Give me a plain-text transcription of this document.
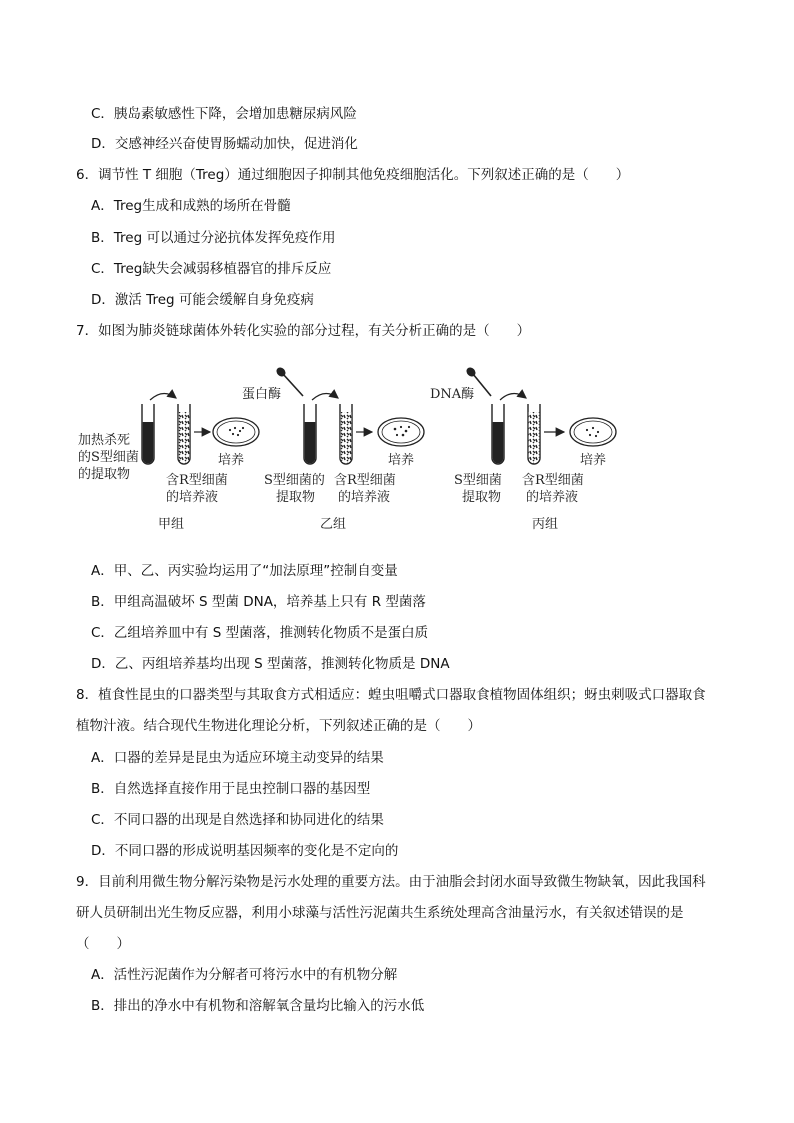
C．胰岛素敏感性下降，会增加患糖尿病风险
D．交感神经兴奋使胃肠蠕动加快，促进消化
6．调节性 T 细胞（Treg）通过细胞因子抑制其他免疫细胞活化。下列叙述正确的是（　　）
A．Treg生成和成熟的场所在骨髓
B．Treg 可以通过分泌抗体发挥免疫作用
C．Treg缺失会减弱移植器官的排斥反应
D．激活 Treg 可能会缓解自身免疫病
7．如图为肺炎链球菌体外转化实验的部分过程，有关分析正确的是（　　）
加热杀死
的S型细菌
的提取物
培养
含R型细菌
的培养液
甲组
蛋白酶
培养
S型细菌的
提取物
含R型细菌
的培养液
乙组
DNA酶
培养
S型细菌
提取物
含R型细菌
的培养液
丙组
A．甲、乙、丙实验均运用了“加法原理”控制自变量
B．甲组高温破坏 S 型菌 DNA，培养基上只有 R 型菌落
C．乙组培养皿中有 S 型菌落，推测转化物质不是蛋白质
D．乙、丙组培养基均出现 S 型菌落，推测转化物质是 DNA
8．植食性昆虫的口器类型与其取食方式相适应：蝗虫咀嚼式口器取食植物固体组织；蚜虫刺吸式口器取食
植物汁液。结合现代生物进化理论分析，下列叙述正确的是（　　）
A．口器的差异是昆虫为适应环境主动变异的结果
B．自然选择直接作用于昆虫控制口器的基因型
C．不同口器的出现是自然选择和协同进化的结果
D．不同口器的形成说明基因频率的变化是不定向的
9．目前利用微生物分解污染物是污水处理的重要方法。由于油脂会封闭水面导致微生物缺氧，因此我国科
研人员研制出光生物反应器，利用小球藻与活性污泥菌共生系统处理高含油量污水，有关叙述错误的是
（　　）
A．活性污泥菌作为分解者可将污水中的有机物分解
B．排出的净水中有机物和溶解氧含量均比输入的污水低
